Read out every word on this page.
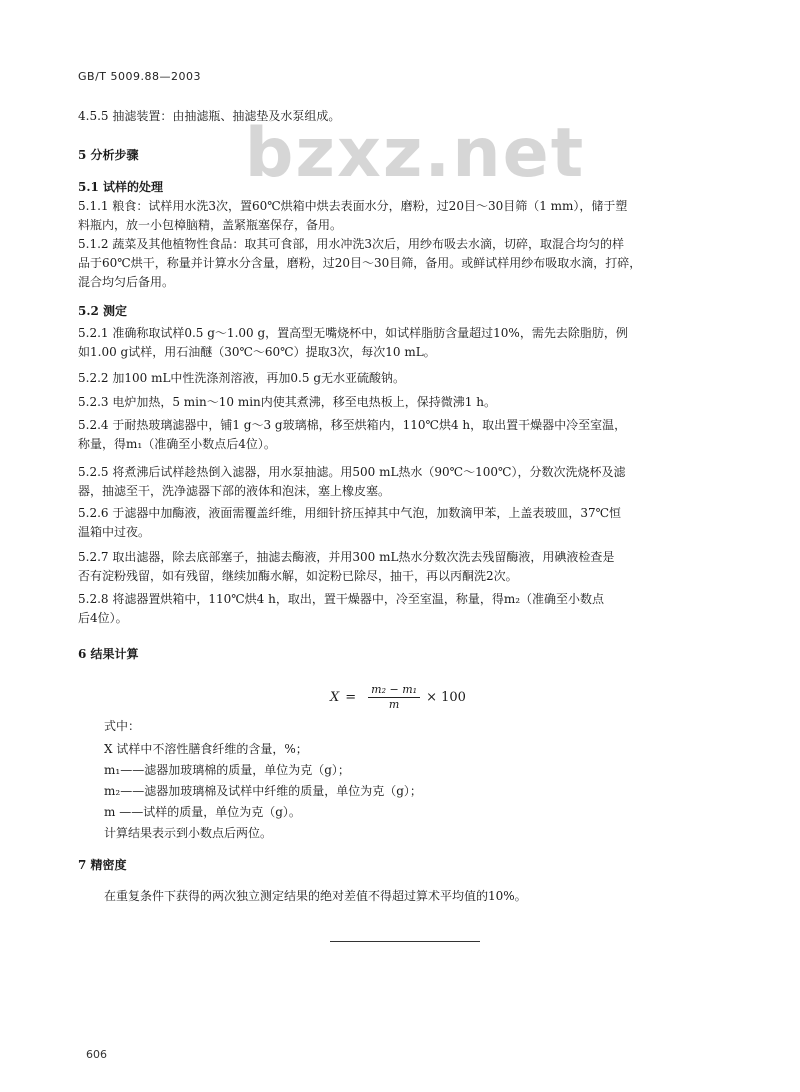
bzxz.net
GB/T 5009.88—2003
4.5.5 抽滤装置：由抽滤瓶、抽滤垫及水泵组成。
5 分析步骤
5.1 试样的处理
5.1.1 粮食：试样用水洗3次，置60℃烘箱中烘去表面水分，磨粉，过20目～30目筛（1 mm），储于塑
料瓶内，放一小包樟脑精，盖紧瓶塞保存，备用。
5.1.2 蔬菜及其他植物性食品：取其可食部，用水冲洗3次后，用纱布吸去水滴，切碎，取混合均匀的样
品于60℃烘干，称量并计算水分含量，磨粉，过20目～30目筛，备用。或鲜试样用纱布吸取水滴，打碎，
混合均匀后备用。
5.2 测定
5.2.1 准确称取试样0.5 g～1.00 g，置高型无嘴烧杯中，如试样脂肪含量超过10%，需先去除脂肪，例
如1.00 g试样，用石油醚（30℃～60℃）提取3次，每次10 mL。
5.2.2 加100 mL中性洗涤剂溶液，再加0.5 g无水亚硫酸钠。
5.2.3 电炉加热，5 min～10 min内使其煮沸，移至电热板上，保持微沸1 h。
5.2.4 于耐热玻璃滤器中，铺1 g～3 g玻璃棉，移至烘箱内，110℃烘4 h，取出置干燥器中冷至室温，
称量，得m₁（准确至小数点后4位）。
5.2.5 将煮沸后试样趁热倒入滤器，用水泵抽滤。用500 mL热水（90℃～100℃），分数次洗烧杯及滤
器，抽滤至干，洗净滤器下部的液体和泡沫，塞上橡皮塞。
5.2.6 于滤器中加酶液，液面需覆盖纤维，用细针挤压掉其中气泡，加数滴甲苯，上盖表玻皿，37℃恒
温箱中过夜。
5.2.7 取出滤器，除去底部塞子，抽滤去酶液，并用300 mL热水分数次洗去残留酶液，用碘液检查是
否有淀粉残留，如有残留，继续加酶水解，如淀粉已除尽，抽干，再以丙酮洗2次。
5.2.8 将滤器置烘箱中，110℃烘4 h，取出，置干燥器中，冷至室温，称量，得m₂（准确至小数点
后4位）。
6 结果计算
$X = \frac{\text{m₂ − m₁}}{m} \times 100$
式中：
X 试样中不溶性膳食纤维的含量，%；
m₁——滤器加玻璃棉的质量，单位为克（g）；
m₂——滤器加玻璃棉及试样中纤维的质量，单位为克（g）；
m ——试样的质量，单位为克（g）。
计算结果表示到小数点后两位。
7 精密度
在重复条件下获得的两次独立测定结果的绝对差值不得超过算术平均值的10%。
606
